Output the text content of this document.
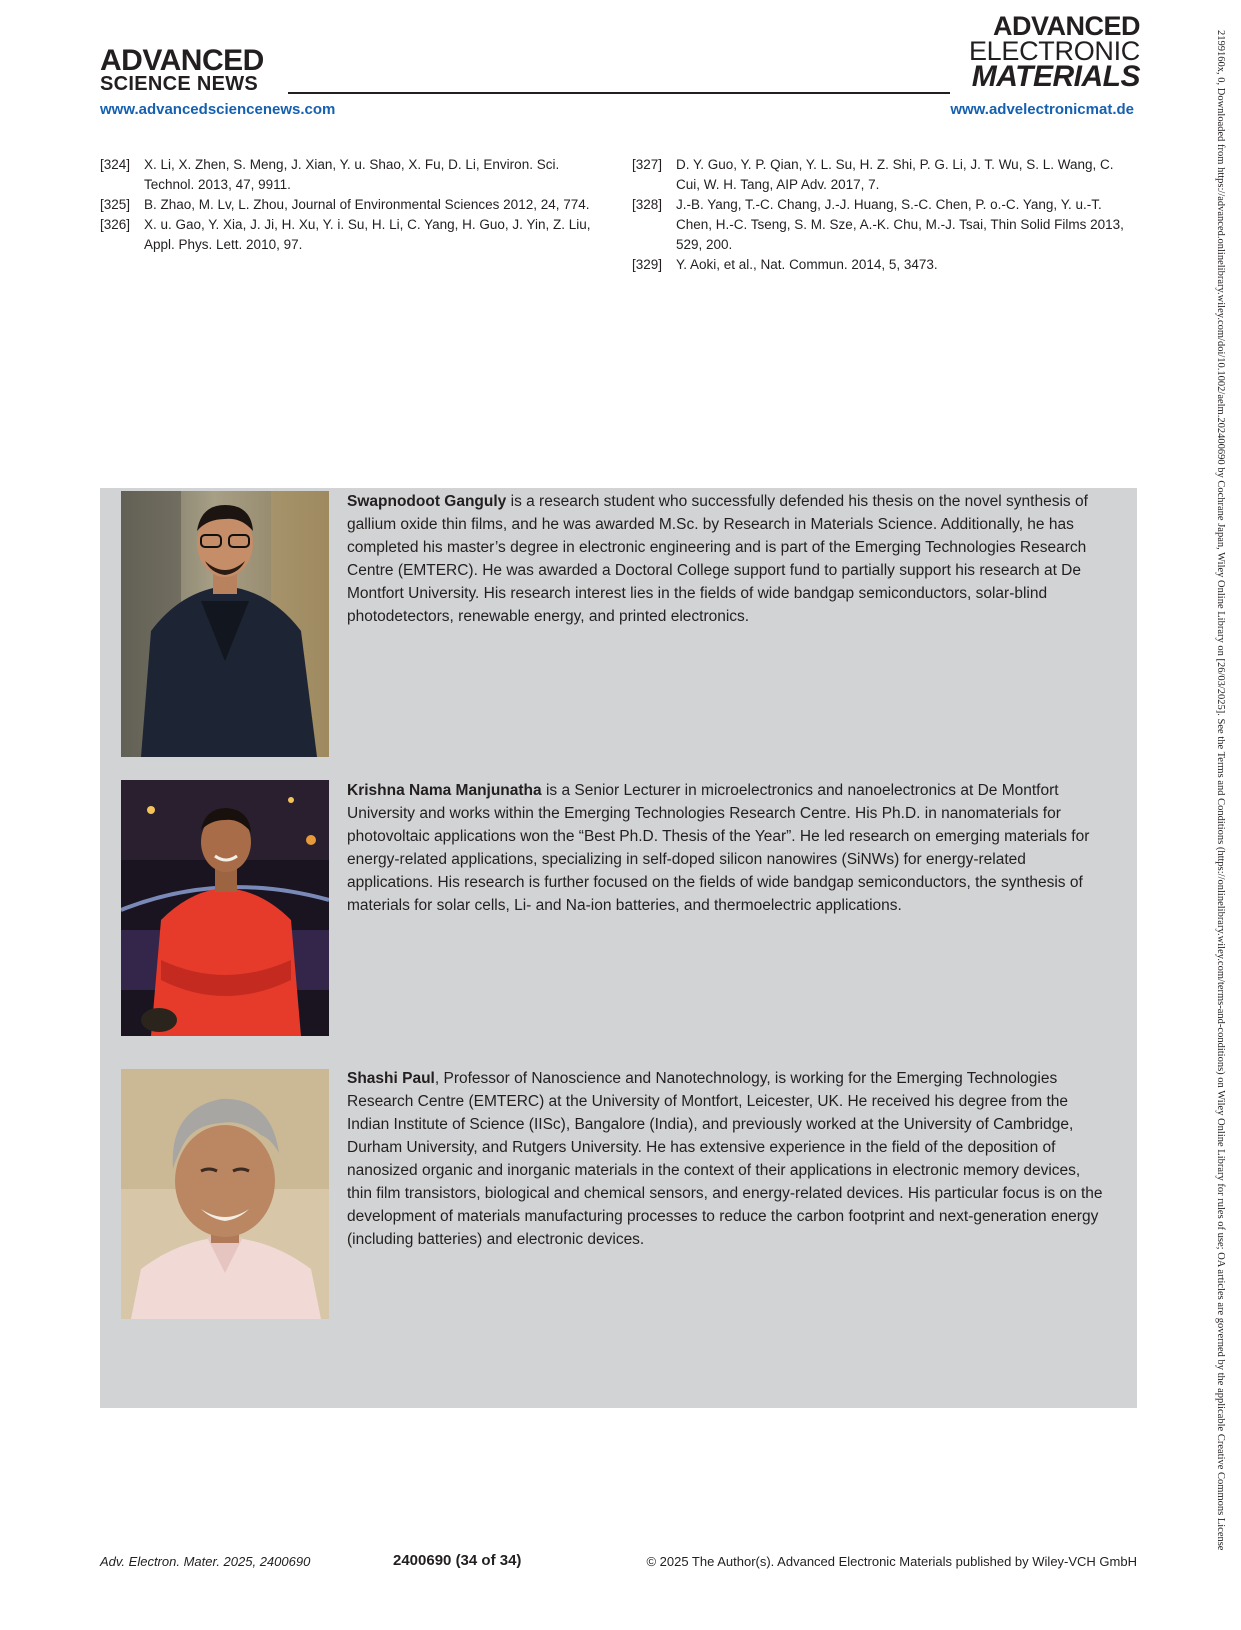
ADVANCED
SCIENCE NEWS
ADVANCED
ELECTRONIC
MATERIALS
www.advancedsciencenews.com	www.advelectronicmat.de
[324]	X. Li, X. Zhen, S. Meng, J. Xian, Y. u. Shao, X. Fu, D. Li, Environ. Sci. Technol. 2013, 47, 9911.
[325]	B. Zhao, M. Lv, L. Zhou, Journal of Environmental Sciences 2012, 24, 774.
[326]	X. u. Gao, Y. Xia, J. Ji, H. Xu, Y. i. Su, H. Li, C. Yang, H. Guo, J. Yin, Z. Liu, Appl. Phys. Lett. 2010, 97.
[327]	D. Y. Guo, Y. P. Qian, Y. L. Su, H. Z. Shi, P. G. Li, J. T. Wu, S. L. Wang, C. Cui, W. H. Tang, AIP Adv. 2017, 7.
[328]	J.-B. Yang, T.-C. Chang, J.-J. Huang, S.-C. Chen, P. o.-C. Yang, Y. u.-T. Chen, H.-C. Tseng, S. M. Sze, A.-K. Chu, M.-J. Tsai, Thin Solid Films 2013, 529, 200.
[329]	Y. Aoki, et al., Nat. Commun. 2014, 5, 3473.
Swapnodoot Ganguly is a research student who successfully defended his thesis on the novel synthesis of gallium oxide thin films, and he was awarded M.Sc. by Research in Materials Science. Additionally, he has completed his master’s degree in electronic engineering and is part of the Emerging Technologies Research Centre (EMTERC). He was awarded a Doctoral College support fund to partially support his research at De Montfort University. His research interest lies in the fields of wide bandgap semiconductors, solar-blind photodetectors, renewable energy, and printed electronics.
Krishna Nama Manjunatha is a Senior Lecturer in microelectronics and nanoelectronics at De Montfort University and works within the Emerging Technologies Research Centre. His Ph.D. in nanomaterials for photovoltaic applications won the “Best Ph.D. Thesis of the Year”. He led research on emerging materials for energy-related applications, specializing in self-doped silicon nanowires (SiNWs) for energy-related applications. His research is further focused on the fields of wide bandgap semiconductors, the synthesis of materials for solar cells, Li- and Na-ion batteries, and thermoelectric applications.
Shashi Paul, Professor of Nanoscience and Nanotechnology, is working for the Emerging Technologies Research Centre (EMTERC) at the University of Montfort, Leicester, UK. He received his degree from the Indian Institute of Science (IISc), Bangalore (India), and previously worked at the University of Cambridge, Durham University, and Rutgers University. He has extensive experience in the field of the deposition of nanosized organic and inorganic materials in the context of their applications in electronic memory devices, thin film transistors, biological and chemical sensors, and energy-related devices. His particular focus is on the development of materials manufacturing processes to reduce the carbon footprint and next-generation energy (including batteries) and electronic devices.
Adv. Electron. Mater. 2025, 2400690	2400690 (34 of 34)	© 2025 The Author(s). Advanced Electronic Materials published by Wiley-VCH GmbH
2199160x, 0, Downloaded from https://advanced.onlinelibrary.wiley.com/doi/10.1002/aelm.202400690 by Cochrane Japan, Wiley Online Library on [26/03/2025]. See the Terms and Conditions (https://onlinelibrary.wiley.com/terms-and-conditions) on Wiley Online Library for rules of use; OA articles are governed by the applicable Creative Commons License
